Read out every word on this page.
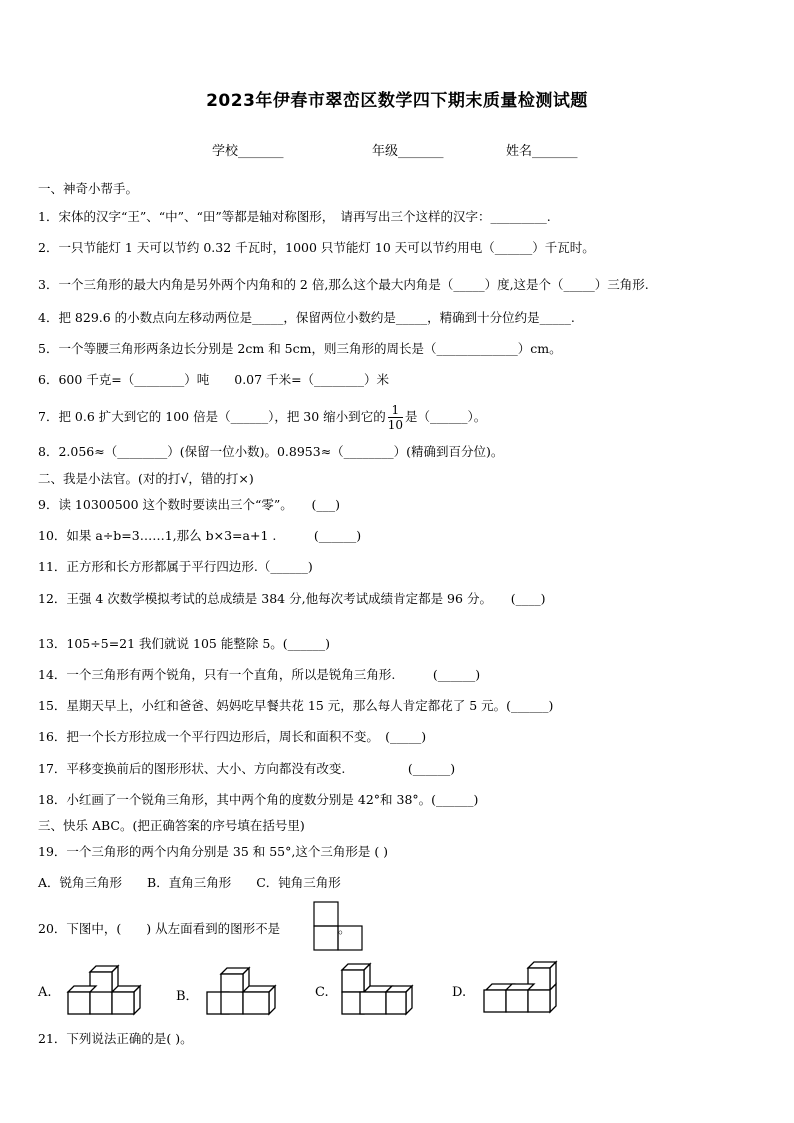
2023年伊春市翠峦区数学四下期末质量检测试题
学校_______	年级_______	姓名_______
一、神奇小帮手。
1．宋体的汉字“王”、“中”、“田”等都是轴对称图形，　请再写出三个这样的汉字：_________.
2．一只节能灯 1 天可以节约 0.32 千瓦时，1000 只节能灯 10 天可以节约用电（______）千瓦时。
3．一个三角形的最大内角是另外两个内角和的 2 倍,那么这个最大内角是（_____）度,这是个（_____）三角形.
4．把 829.6 的小数点向左移动两位是_____，保留两位小数约是_____，精确到十分位约是_____.
5．一个等腰三角形两条边长分别是 2cm 和 5cm，则三角形的周长是（_____________）cm。
6．600 千克=（________）吨　　0.07 千米=（________）米
7．把 0.6 扩大到它的 100 倍是（______），把 30 缩小到它的 $\frac{1}{10}$ 是（______）。
8．2.056≈（________）(保留一位小数)。0.8953≈（________）(精确到百分位)。
二、我是小法官。(对的打√，错的打×)
9．读 10300500 这个数时要读出三个“零”。　　(___)
10．如果 a÷b=3……1,那么 b×3=a+1 .　　　(______)
11．正方形和长方形都属于平行四边形.（______)
12．王强 4 次数学模拟考试的总成绩是 384 分,他每次考试成绩肯定都是 96 分。　　(____)
13．105÷5=21 我们就说 105 能整除 5。(______)
14．一个三角形有两个锐角，只有一个直角，所以是锐角三角形.　　　(______)
15．星期天早上，小红和爸爸、妈妈吃早餐共花 15 元，那么每人肯定都花了 5 元。(______)
16．把一个长方形拉成一个平行四边形后，周长和面积不变。　(_____)
17．平移变换前后的图形形状、大小、方向都没有改变.　　　　　(______)
18．小红画了一个锐角三角形，其中两个角的度数分别是 42°和 38°。(______)
三、快乐 ABC。(把正确答案的序号填在括号里)
19．一个三角形的两个内角分别是 35 和 55°,这个三角形是 ( )
A．锐角三角形　　B．直角三角形　　C．钝角三角形
20．下图中，(　　) 从左面看到的图形不是	。
A.	B．	C.	D.
21．下列说法正确的是( )。
